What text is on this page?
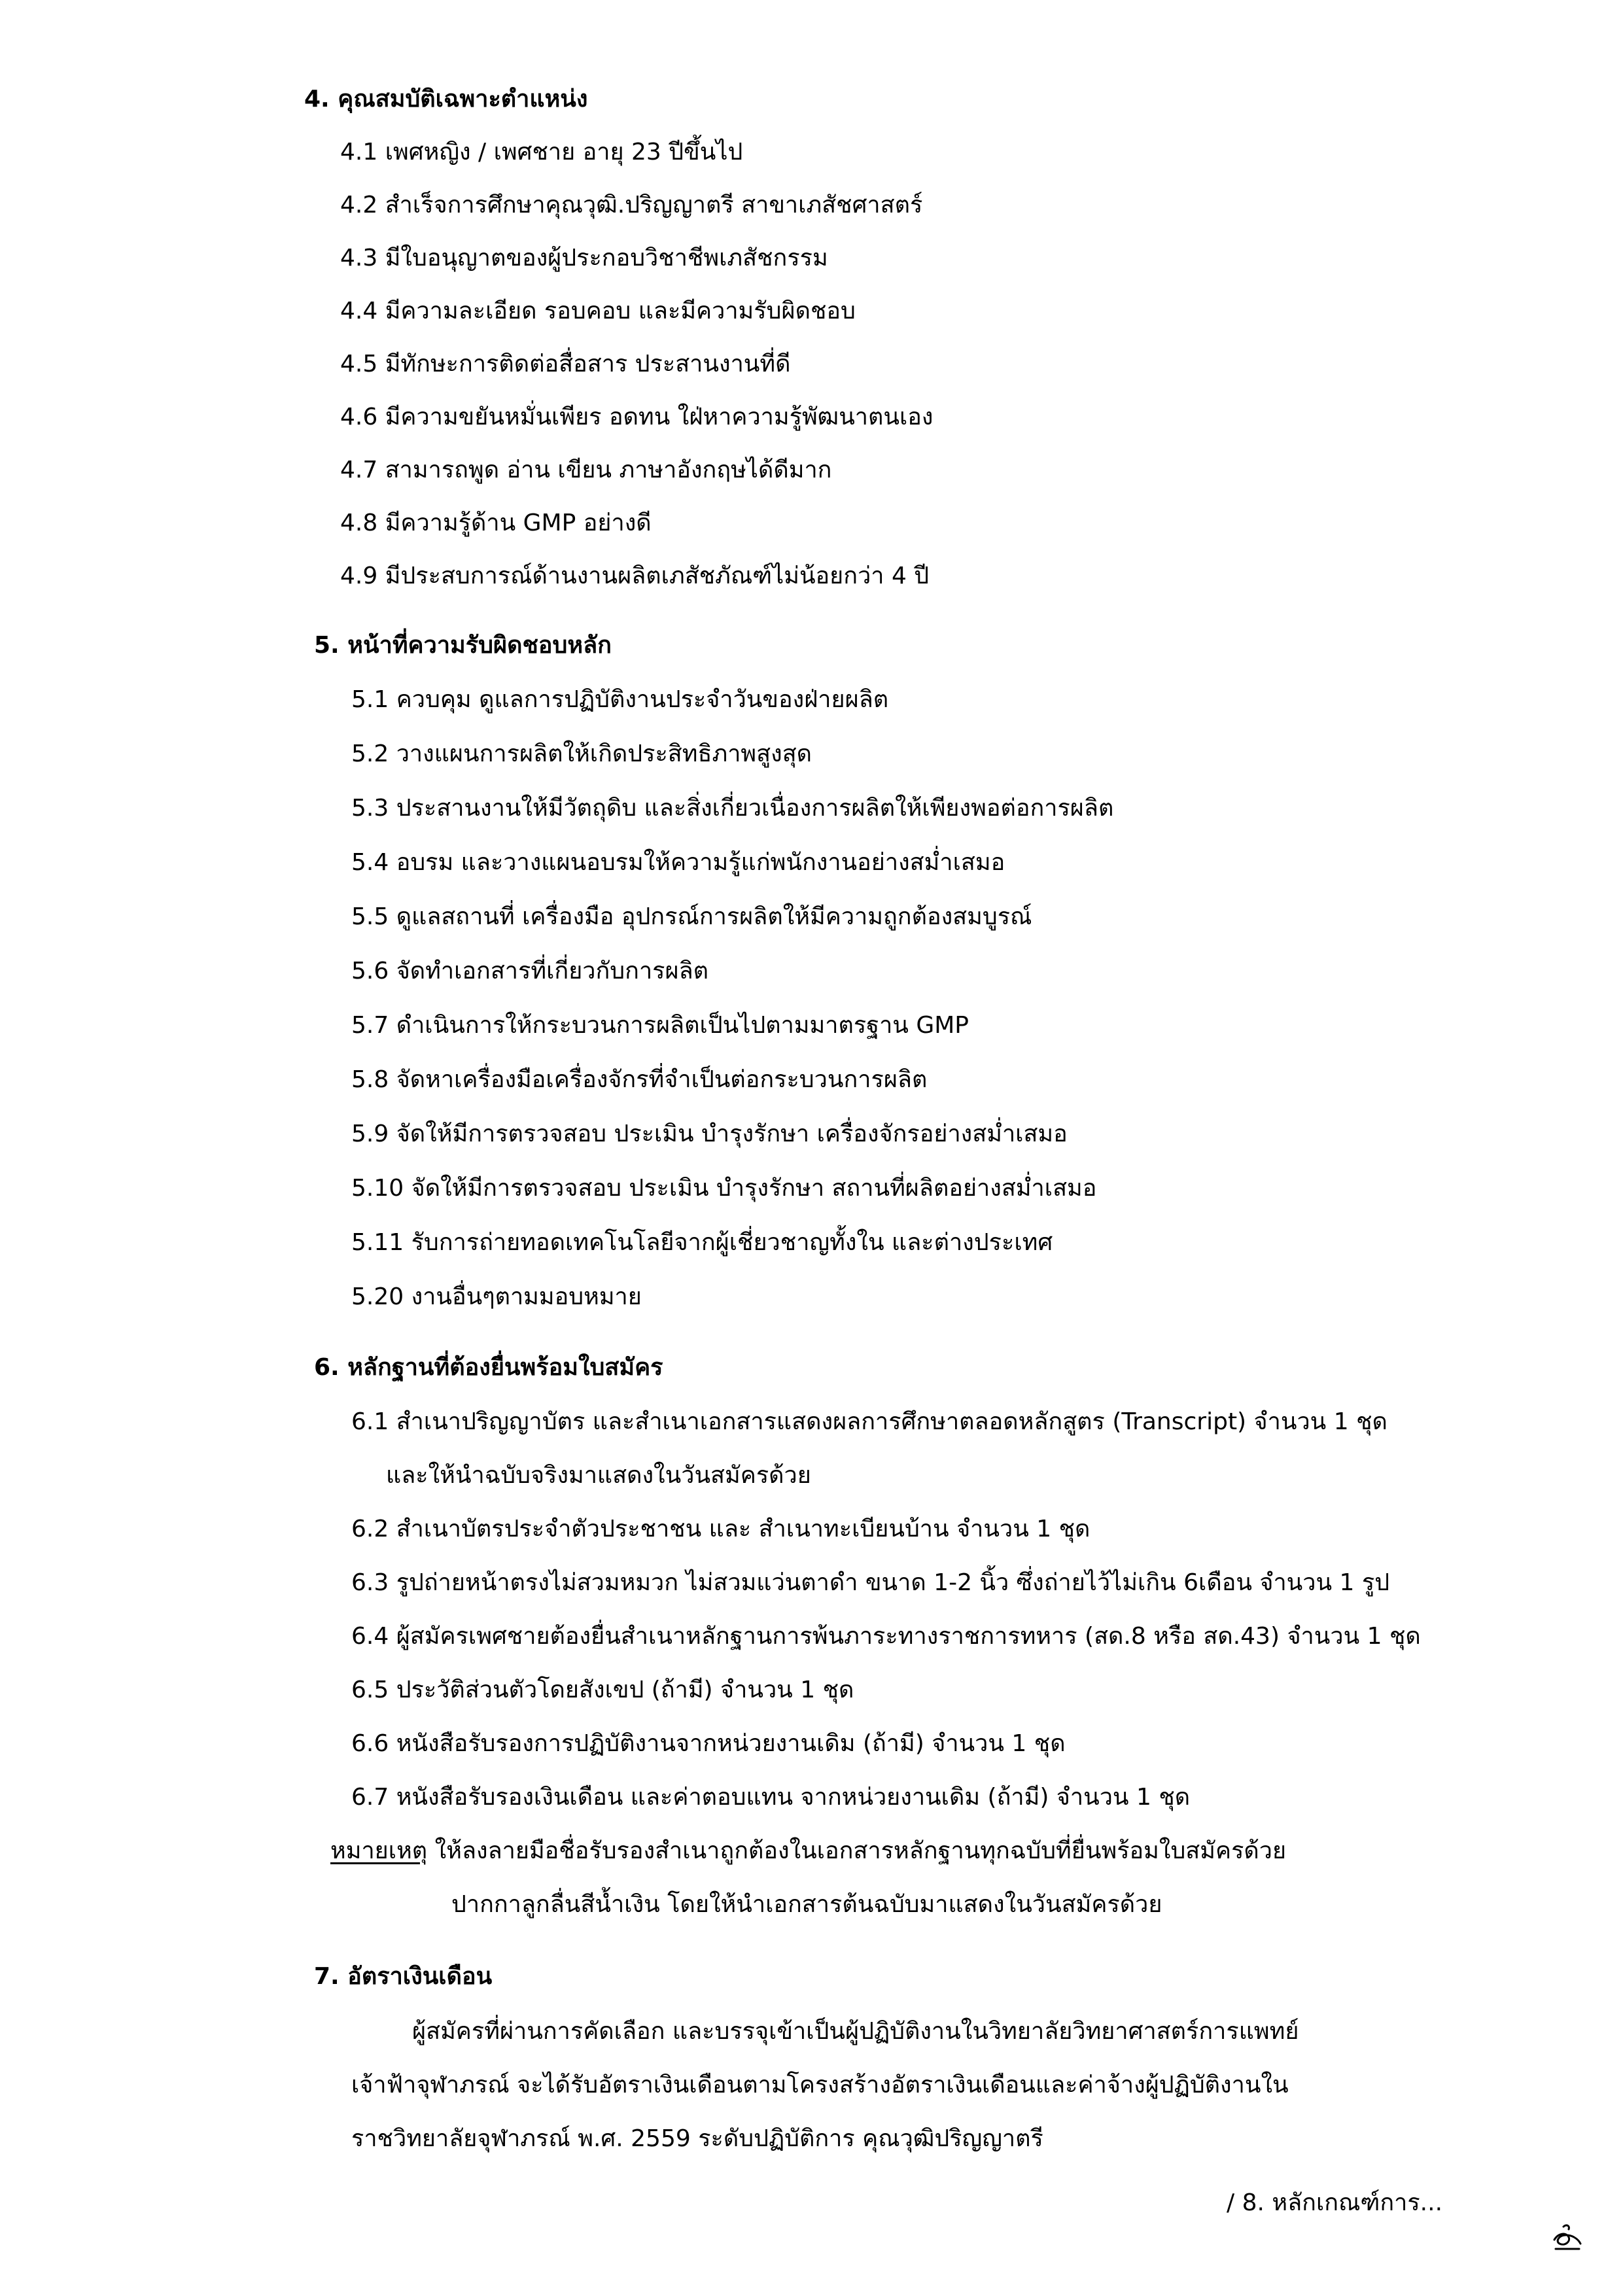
4. คุณสมบัติเฉพาะตำแหน่ง
4.1 เพศหญิง / เพศชาย อายุ 23 ปีขึ้นไป
4.2 สำเร็จการศึกษาคุณวุฒิ.ปริญญาตรี สาขาเภสัชศาสตร์
4.3 มีใบอนุญาตของผู้ประกอบวิชาชีพเภสัชกรรม
4.4 มีความละเอียด รอบคอบ และมีความรับผิดชอบ
4.5 มีทักษะการติดต่อสื่อสาร ประสานงานที่ดี
4.6 มีความขยันหมั่นเพียร อดทน ใฝ่หาความรู้พัฒนาตนเอง
4.7 สามารถพูด อ่าน เขียน ภาษาอังกฤษได้ดีมาก
4.8 มีความรู้ด้าน GMP อย่างดี
4.9 มีประสบการณ์ด้านงานผลิตเภสัชภัณฑ์ไม่น้อยกว่า 4 ปี
5. หน้าที่ความรับผิดชอบหลัก
5.1 ควบคุม ดูแลการปฏิบัติงานประจำวันของฝ่ายผลิต
5.2 วางแผนการผลิตให้เกิดประสิทธิภาพสูงสุด
5.3 ประสานงานให้มีวัตถุดิบ และสิ่งเกี่ยวเนื่องการผลิตให้เพียงพอต่อการผลิต
5.4 อบรม และวางแผนอบรมให้ความรู้แก่พนักงานอย่างสม่ำเสมอ
5.5 ดูแลสถานที่ เครื่องมือ อุปกรณ์การผลิตให้มีความถูกต้องสมบูรณ์
5.6 จัดทำเอกสารที่เกี่ยวกับการผลิต
5.7 ดำเนินการให้กระบวนการผลิตเป็นไปตามมาตรฐาน GMP
5.8 จัดหาเครื่องมือเครื่องจักรที่จำเป็นต่อกระบวนการผลิต
5.9 จัดให้มีการตรวจสอบ ประเมิน บำรุงรักษา เครื่องจักรอย่างสม่ำเสมอ
5.10 จัดให้มีการตรวจสอบ ประเมิน บำรุงรักษา สถานที่ผลิตอย่างสม่ำเสมอ
5.11 รับการถ่ายทอดเทคโนโลยีจากผู้เชี่ยวชาญทั้งใน และต่างประเทศ
5.20 งานอื่นๆตามมอบหมาย
6. หลักฐานที่ต้องยื่นพร้อมใบสมัคร
6.1 สำเนาปริญญาบัตร และสำเนาเอกสารแสดงผลการศึกษาตลอดหลักสูตร (Transcript) จำนวน 1 ชุด
และให้นำฉบับจริงมาแสดงในวันสมัครด้วย
6.2 สำเนาบัตรประจำตัวประชาชน และ สำเนาทะเบียนบ้าน จำนวน 1 ชุด
6.3 รูปถ่ายหน้าตรงไม่สวมหมวก ไม่สวมแว่นตาดำ ขนาด 1-2 นิ้ว ซึ่งถ่ายไว้ไม่เกิน 6เดือน จำนวน 1 รูป
6.4 ผู้สมัครเพศชายต้องยื่นสำเนาหลักฐานการพ้นภาระทางราชการทหาร (สด.8 หรือ สด.43) จำนวน 1 ชุด
6.5 ประวัติส่วนตัวโดยสังเขป (ถ้ามี) จำนวน 1 ชุด
6.6 หนังสือรับรองการปฏิบัติงานจากหน่วยงานเดิม (ถ้ามี) จำนวน 1 ชุด
6.7 หนังสือรับรองเงินเดือน และค่าตอบแทน จากหน่วยงานเดิม (ถ้ามี) จำนวน 1 ชุด
หมายเหตุ ให้ลงลายมือชื่อรับรองสำเนาถูกต้องในเอกสารหลักฐานทุกฉบับที่ยื่นพร้อมใบสมัครด้วย
ปากกาลูกลื่นสีน้ำเงิน โดยให้นำเอกสารต้นฉบับมาแสดงในวันสมัครด้วย
7. อัตราเงินเดือน
ผู้สมัครที่ผ่านการคัดเลือก และบรรจุเข้าเป็นผู้ปฏิบัติงานในวิทยาลัยวิทยาศาสตร์การแพทย์
เจ้าฟ้าจุฬาภรณ์ จะได้รับอัตราเงินเดือนตามโครงสร้างอัตราเงินเดือนและค่าจ้างผู้ปฏิบัติงานใน
ราชวิทยาลัยจุฬาภรณ์ พ.ศ. 2559 ระดับปฏิบัติการ คุณวุฒิปริญญาตรี
/ 8. หลักเกณฑ์การ...
